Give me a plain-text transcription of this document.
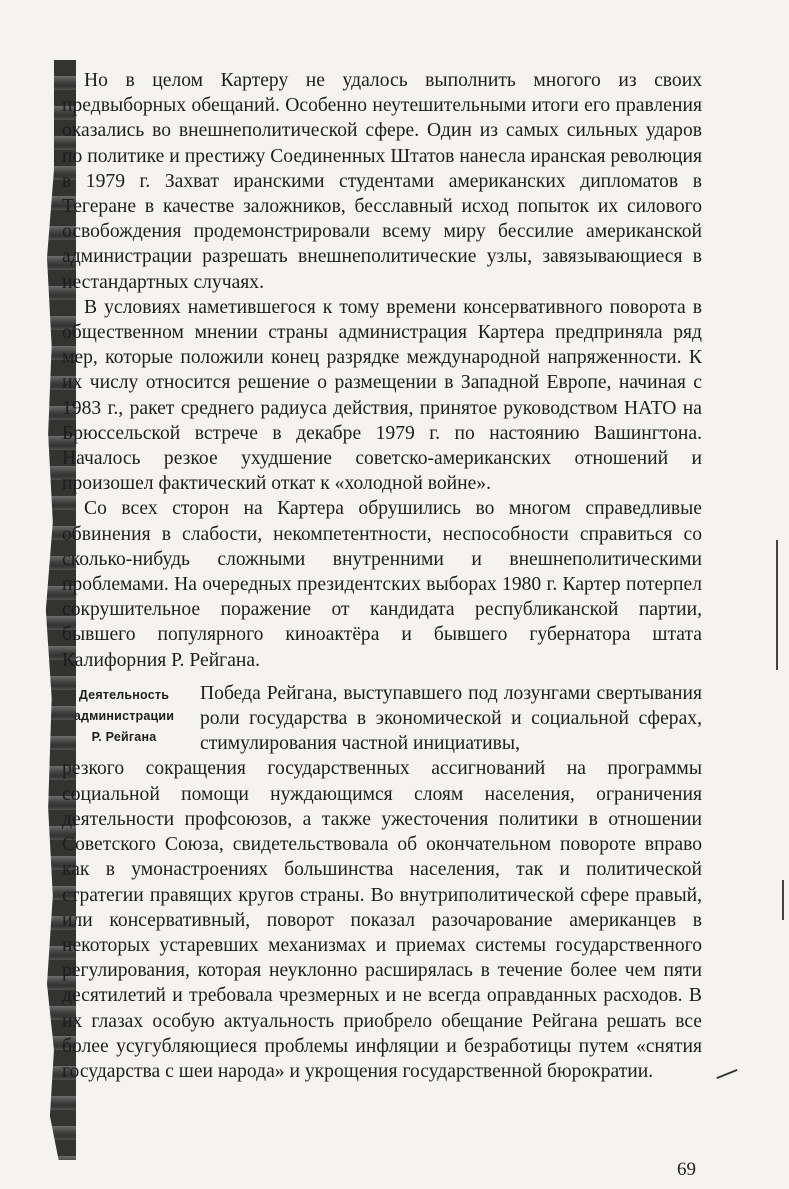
Но в целом Картеру не удалось выполнить многого из своих предвыборных обещаний. Особенно неутешительными итоги его правления оказались во внешнеполитической сфере. Один из самых сильных ударов по политике и престижу Соединенных Штатов нанесла иранская революция в 1979 г. Захват иранскими студентами американских дипломатов в Тегеране в качестве заложников, бесславный исход попыток их силового освобождения продемонстрировали всему миру бессилие американской администрации разрешать внешнеполитические узлы, завязывающиеся в нестандартных случаях.

В условиях наметившегося к тому времени консервативного поворота в общественном мнении страны администрация Картера предприняла ряд мер, которые положили конец разрядке международной напряженности. К их числу относится решение о размещении в Западной Европе, начиная с 1983 г., ракет среднего радиуса действия, принятое руководством НАТО на Брюссельской встрече в декабре 1979 г. по настоянию Вашингтона. Началось резкое ухудшение советско-американских отношений и произошел фактический откат к «холодной войне».

Со всех сторон на Картера обрушились во многом справедливые обвинения в слабости, некомпетентности, неспособности справиться со сколько-нибудь сложными внутренними и внешнеполитическими проблемами. На очередных президентских выборах 1980 г. Картер потерпел сокрушительное поражение от кандидата республиканской партии, бывшего популярного киноактёра и бывшего губернатора штата Калифорния Р. Рейгана.

Деятельность
администрации
Р. Рейгана

Победа Рейгана, выступавшего под лозунгами свертывания роли государства в экономической и социальной сферах, стимулирования частной инициативы,

резкого сокращения государственных ассигнований на программы социальной помощи нуждающимся слоям населения, ограничения деятельности профсоюзов, а также ужесточения политики в отношении Советского Союза, свидетельствовала об окончательном повороте вправо как в умонастроениях большинства населения, так и политической стратегии правящих кругов страны. Во внутриполитической сфере правый, или консервативный, поворот показал разочарование американцев в некоторых устаревших механизмах и приемах системы государственного регулирования, которая неуклонно расширялась в течение более чем пяти десятилетий и требовала чрезмерных и не всегда оправданных расходов. В их глазах особую актуальность приобрело обещание Рейгана решать все более усугубляющиеся проблемы инфляции и безработицы путем «снятия государства с шеи народа» и укрощения государственной бюрократии.

69
